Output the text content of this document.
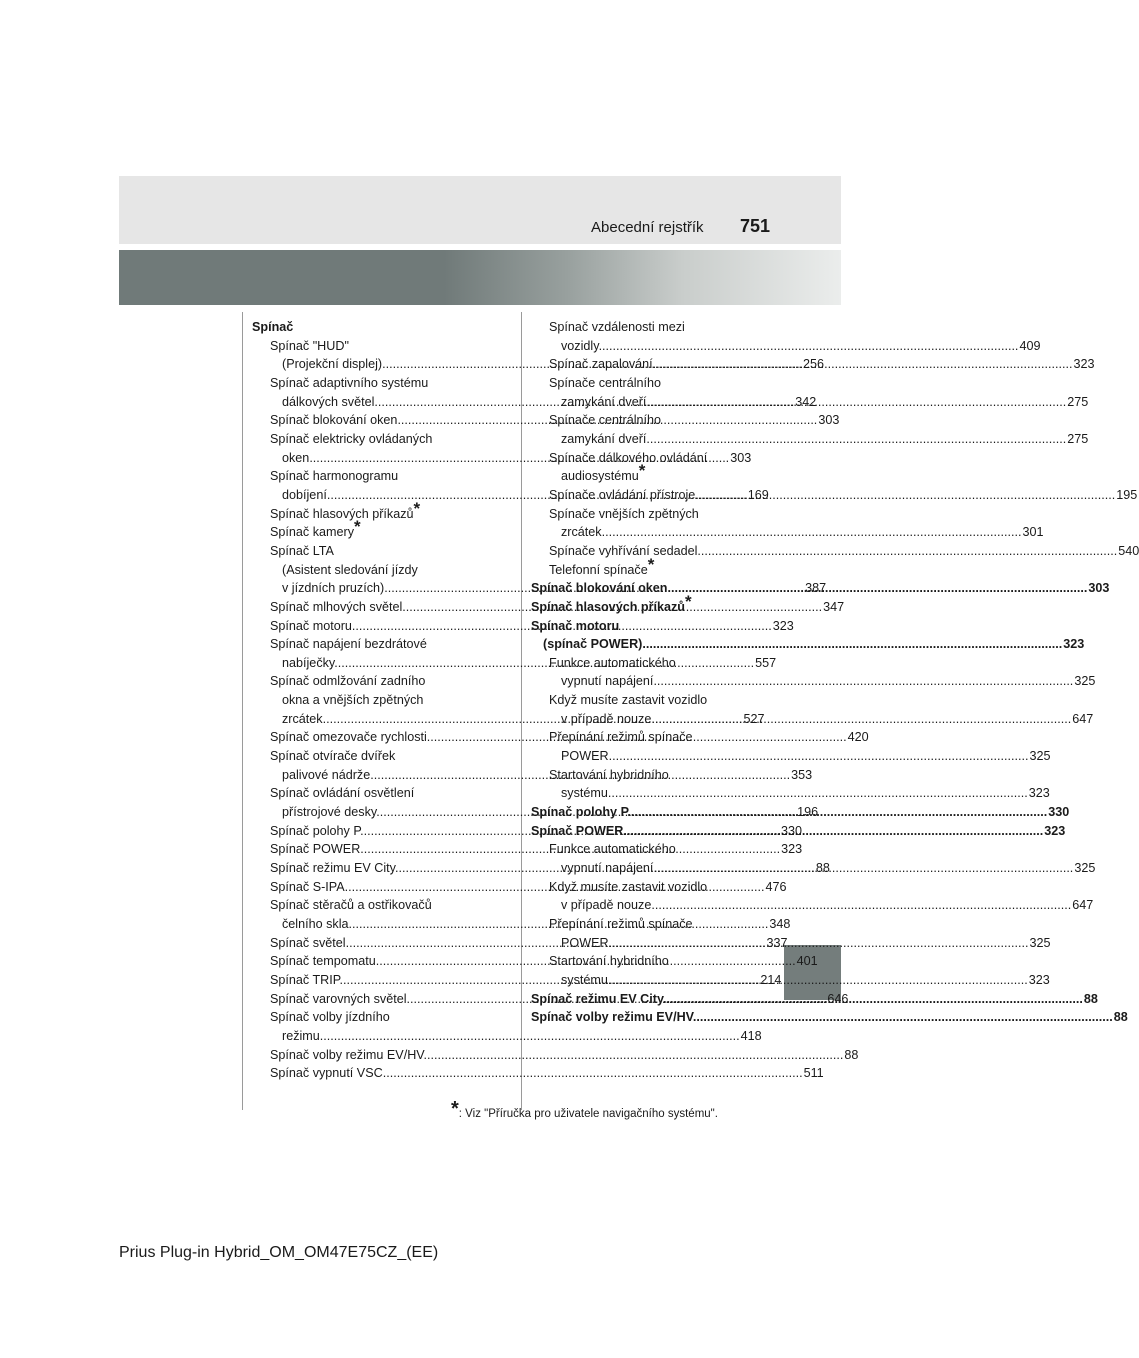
Abecední rejstřík 751
Spínač
Spínač "HUD"
(Projekční displej) .....	256
Spínač adaptivního systému
dálkových světel .....	342
Spínač blokování oken .....	303
Spínač elektricky ovládaných
oken .....	303
Spínač harmonogramu
dobíjení .....	169
Spínač hlasových příkazů*
Spínač kamery*
Spínač LTA
(Asistent sledování jízdy
v jízdních pruzích) .....	387
Spínač mlhových světel .....	347
Spínač motoru .....	323
Spínač napájení bezdrátové
nabíječky .....	557
Spínač odmlžování zadního
okna a vnějších zpětných
zrcátek .....	527
Spínač omezovače rychlosti .....	420
Spínač otvírače dvířek
palivové nádrže .....	353
Spínač ovládání osvětlení
přístrojové desky .....	196
Spínač polohy P .....	330
Spínač POWER .....	323
Spínač režimu EV City .....	88
Spínač S-IPA .....	476
Spínač stěračů a ostřikovačů
čelního skla .....	348
Spínač světel .....	337
Spínač tempomatu .....	401
Spínač TRIP .....	214
Spínač varovných světel .....	646
Spínač volby jízdního
režimu .....	418
Spínač volby režimu EV/HV .....	88
Spínač vypnutí VSC .....	511
Spínač vzdálenosti mezi
vozidly .....	409
Spínač zapalování .....	323
Spínače centrálního
zamykání dveří .....	275
Spínače centrálního
zamykání dveří .....	275
Spínače dálkového ovládání
audiosystému*
Spínače ovládání přístroje .....	195
Spínače vnějších zpětných
zrcátek .....	301
Spínače vyhřívání sedadel .....	540
Telefonní spínače*
Spínač blokování oken .....	303
Spínač hlasových příkazů*
Spínač motoru
(spínač POWER) .....	323
Funkce automatického
vypnutí napájení .....	325
Když musíte zastavit vozidlo
v případě nouze .....	647
Přepínání režimů spínače
POWER .....	325
Startování hybridního
systému .....	323
Spínač polohy P .....	330
Spínač POWER .....	323
Funkce automatického
vypnutí napájení .....	325
Když musíte zastavit vozidlo
v případě nouze .....	647
Přepínání režimů spínače
POWER .....	325
Startování hybridního
systému .....	323
Spínač režimu EV City .....	88
Spínač volby režimu EV/HV .....	88
*: Viz "Příručka pro uživatele navigačního systému".
Prius Plug-in Hybrid_OM_OM47E75CZ_(EE)
